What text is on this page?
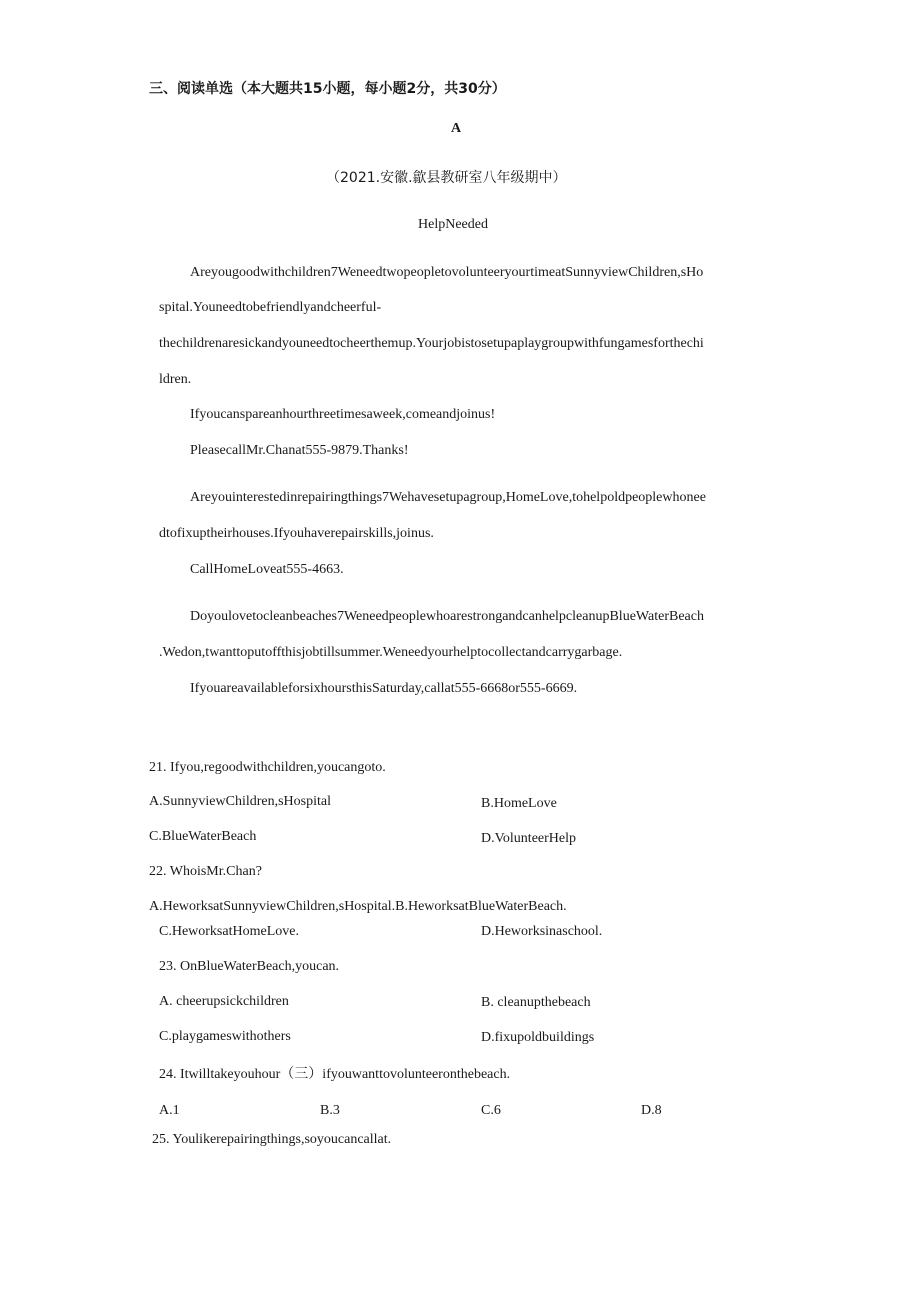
三、阅读单选（本大题共15小题，每小题2分，共30分）
A
（2021.安徽.歙县教研室八年级期中）
HelpNeeded
Areyougoodwithchildren7WeneedtwopeopletovolunteeryourtimeatSunnyviewChildren,sHo
spital.Youneedtobefriendlyandcheerful-
thechildrenaresickandyouneedtocheerthemup.Yourjobistosetupaplaygroupwithfungamesforthechi
ldren.
Ifyoucanspareanhourthreetimesaweek,comeandjoinus!
PleasecallMr.Chanat555-9879.Thanks!
Areyouinterestedinrepairingthings7Wehavesetupagroup,HomeLove,tohelpoldpeoplewhonee
dtofixuptheirhouses.Ifyouhaverepairskills,joinus.
CallHomeLoveat555-4663.
Doyoulovetocleanbeaches7WeneedpeoplewhoarestrongandcanhelpcleanupBlueWaterBeach
.Wedon,twanttoputoffthisjobtillsummer.Weneedyourhelptocollectandcarrygarbage.
IfyouareavailableforsixhoursthisSaturday,callat555-6668or555-6669.
21. Ifyou,regoodwithchildren,youcangoto.
A.SunnyviewChildren,sHospital	B.HomeLove
C.BlueWaterBeach	D.VolunteerHelp
22. WhoisMr.Chan?
A.HeworksatSunnyviewChildren,sHospital.B.HeworksatBlueWaterBeach.
C.HeworksatHomeLove.	D.Heworksinaschool.
23. OnBlueWaterBeach,youcan.
A. cheerupsickchildren	B. cleanupthebeach
C.playgameswithothers	D.fixupoldbuildings
24. Itwilltakeyouhour（三）ifyouwanttovolunteeronthebeach.
A.1	B.3	C.6	D.8
25. Youlikerepairingthings,soyoucancallat.
